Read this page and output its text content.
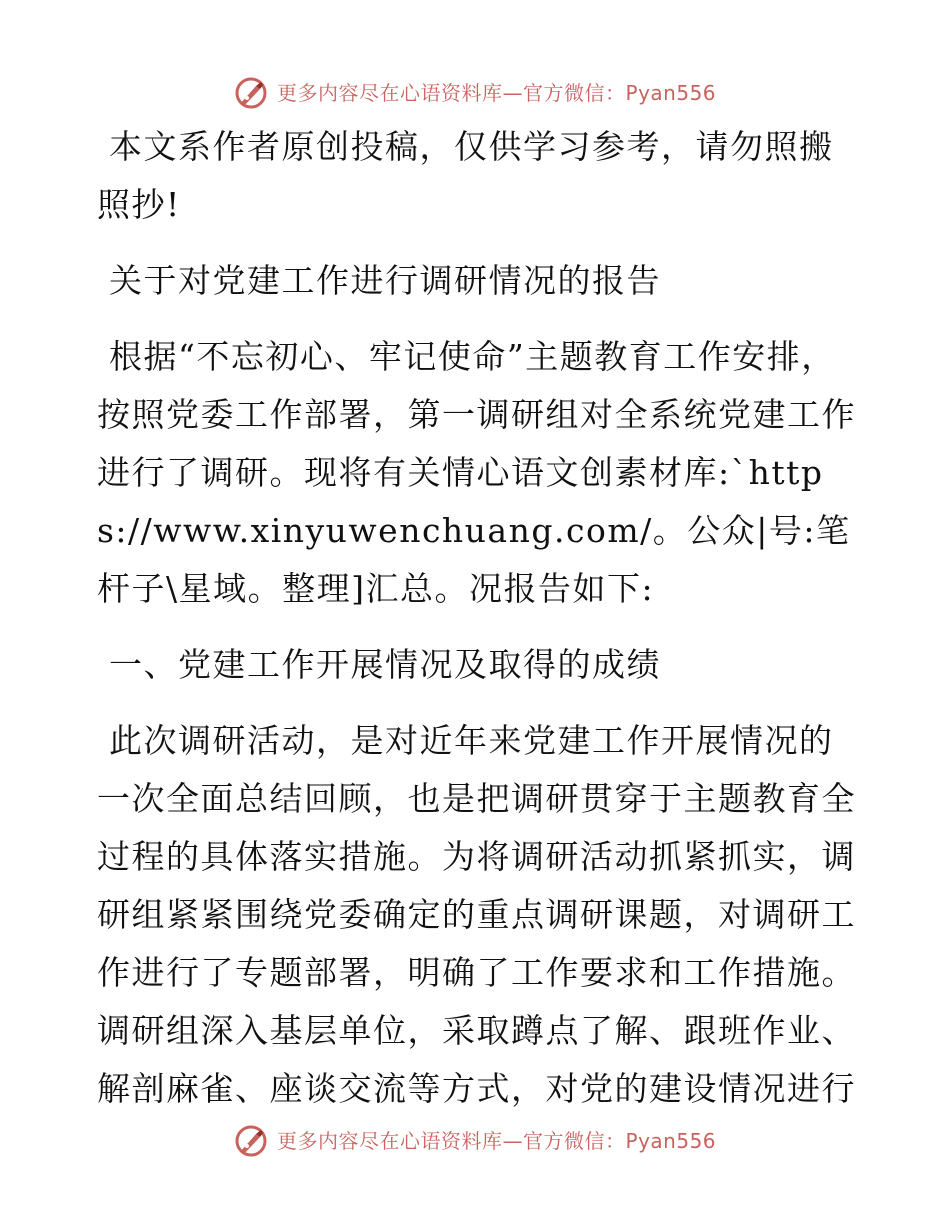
更多内容尽在心语资料库—官方微信：Pyan556

本文系作者原创投稿，仅供学习参考，请勿照搬照抄!

关于对党建工作进行调研情况的报告

根据“不忘初心、牢记使命”主题教育工作安排，按照党委工作部署，第一调研组对全系统党建工作进行了调研。现将有关情心语文创素材库:`https://www.xinyuwenchuang.com/。公众|号:笔杆子\星域。整理]汇总。况报告如下:

一、党建工作开展情况及取得的成绩

此次调研活动，是对近年来党建工作开展情况的一次全面总结回顾，也是把调研贯穿于主题教育全过程的具体落实措施。为将调研活动抓紧抓实，调研组紧紧围绕党委确定的重点调研课题，对调研工作进行了专题部署，明确了工作要求和工作措施。调研组深入基层单位，采取蹲点了解、跟班作业、解剖麻雀、座谈交流等方式，对党的建设情况进行

更多内容尽在心语资料库—官方微信：Pyan556
